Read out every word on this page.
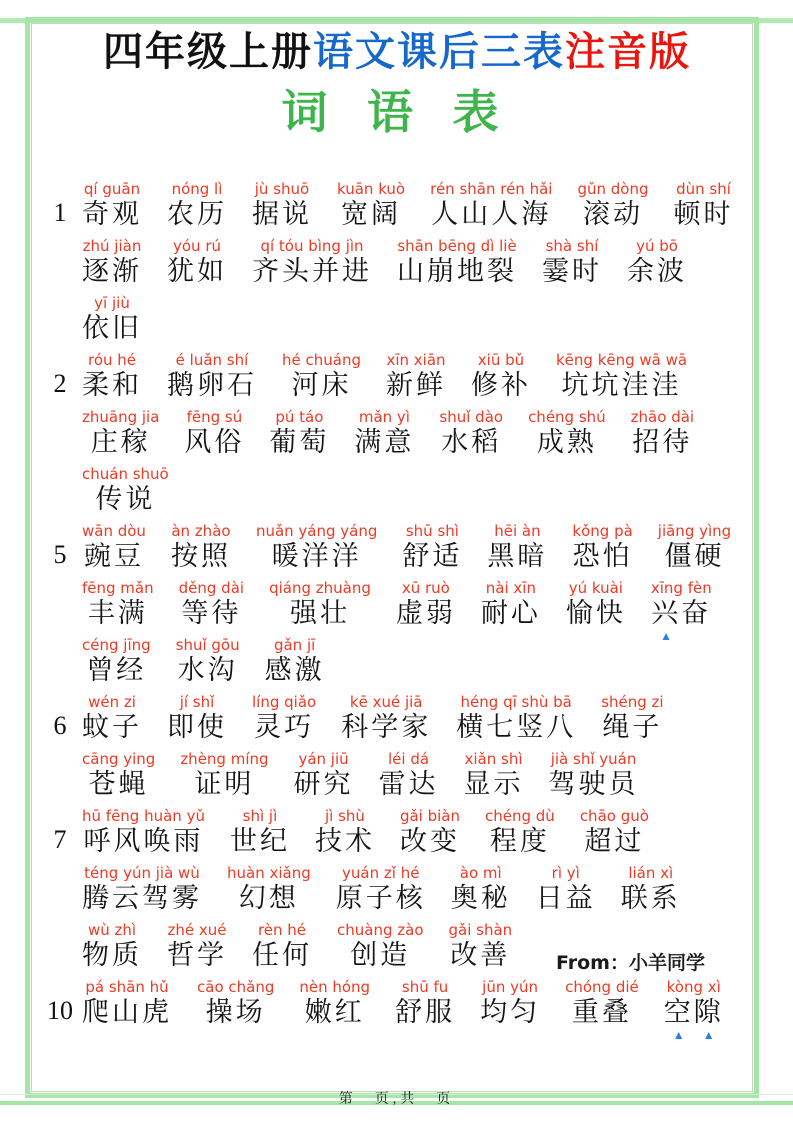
四年级上册语文课后三表注音版
词 语 表
1
qí guān
奇观
nóng lì
农历
jù shuō
据说
kuān kuò
宽阔
rén shān rén hǎi
人山人海
gǔn dòng
滚动
dùn shí
顿时
zhú jiàn
逐渐
yóu rú
犹如
qí tóu bìng jìn
齐头并进
shān bēng dì liè
山崩地裂
shà shí
霎时
yú bō
余波
yī jiù
依旧
2
róu hé
柔和
é luǎn shí
鹅卵石
hé chuáng
河床
xīn xiān
新鲜
xiū bǔ
修补
kēng kēng wā wā
坑坑洼洼
zhuāng jia
庄稼
fēng sú
风俗
pú táo
葡萄
mǎn yì
满意
shuǐ dào
水稻
chéng shú
成熟
zhāo dài
招待
chuán shuō
传说
5
wān dòu
豌豆
àn zhào
按照
nuǎn yáng yáng
暖洋洋
shū shì
舒适
hēi àn
黑暗
kǒng pà
恐怕
jiāng yìng
僵硬
fēng mǎn
丰满
děng dài
等待
qiáng zhuàng
强壮
xū ruò
虚弱
nài xīn
耐心
yú kuài
愉快
xīng fèn
兴奋
▲
céng jīng
曾经
shuǐ gōu
水沟
gǎn jī
感激
6
wén zi
蚊子
jí shǐ
即使
líng qiǎo
灵巧
kē xué jiā
科学家
héng qī shù bā
横七竖八
shéng zi
绳子
cāng ying
苍蝇
zhèng míng
证明
yán jiū
研究
léi dá
雷达
xiǎn shì
显示
jià shǐ yuán
驾驶员
7
hū fēng huàn yǔ
呼风唤雨
shì jì
世纪
jì shù
技术
gǎi biàn
改变
chéng dù
程度
chāo guò
超过
téng yún jià wù
腾云驾雾
huàn xiǎng
幻想
yuán zǐ hé
原子核
ào mì
奥秘
rì yì
日益
lián xì
联系
wù zhì
物质
zhé xué
哲学
rèn hé
任何
chuàng zào
创造
gǎi shàn
改善
10
pá shān hǔ
爬山虎
cāo chǎng
操场
nèn hóng
嫩红
shū fu
舒服
jūn yún
均匀
chóng dié
重叠
kòng xì
空隙
▲	▲
From：小羊同学
第　页,共　页
